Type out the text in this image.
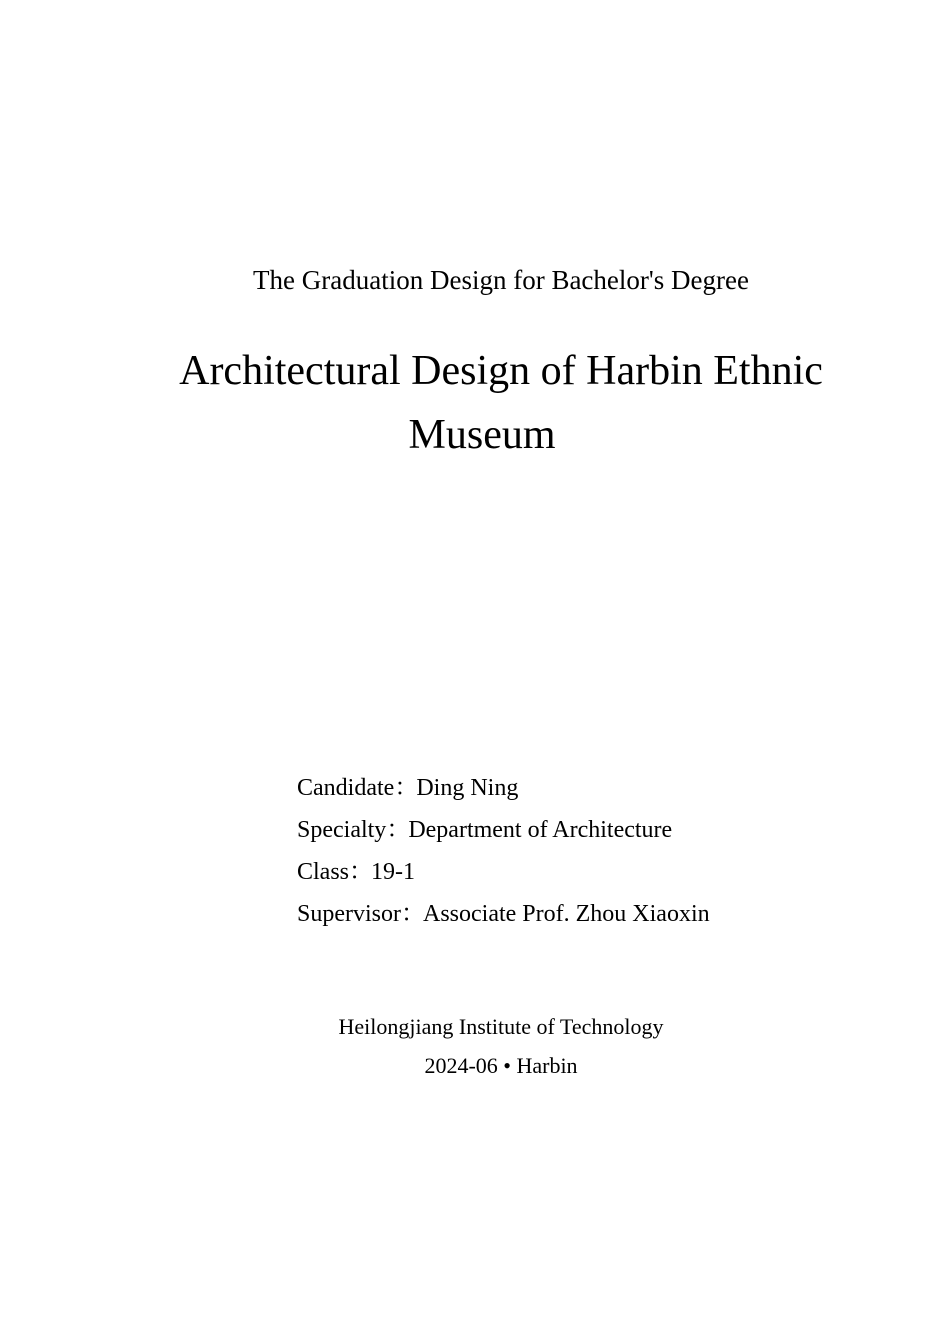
The Graduation Design for Bachelor's Degree
Architectural Design of Harbin Ethnic
Museum
Candidate：Ding Ning
Specialty：Department of Architecture
Class：19-1
Supervisor：Associate Prof. Zhou Xiaoxin
Heilongjiang Institute of Technology
2024-06 • Harbin
